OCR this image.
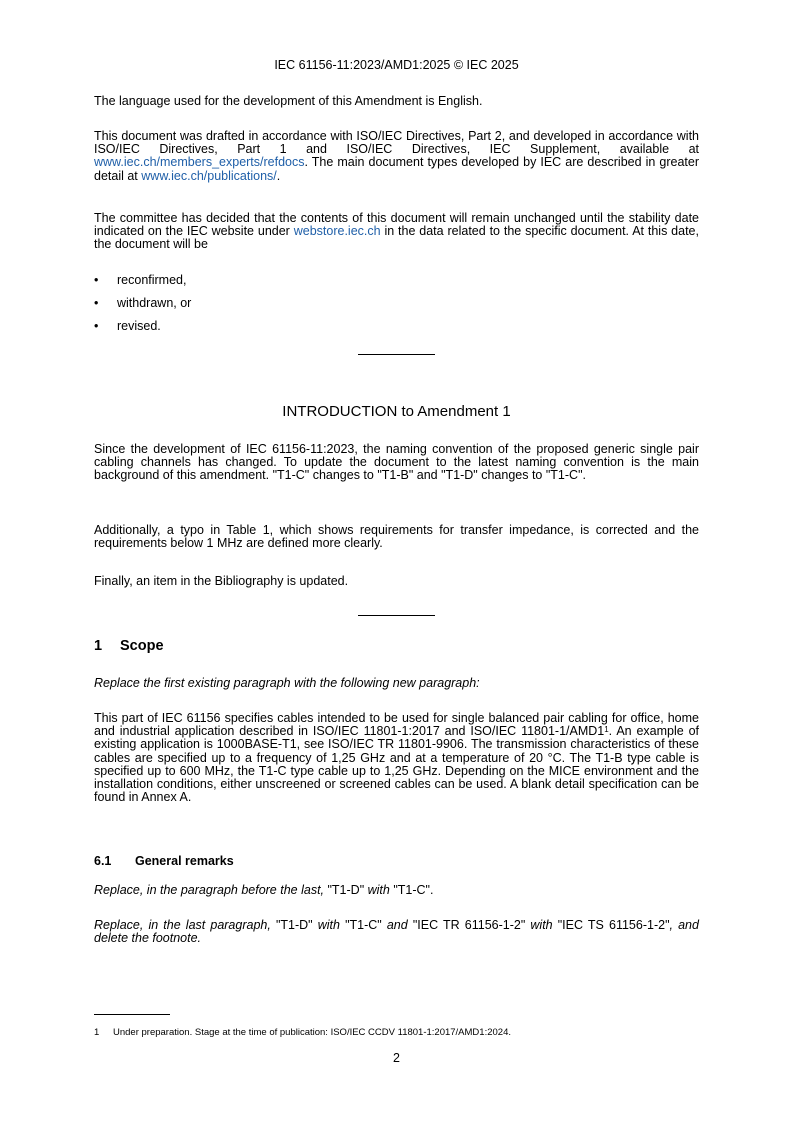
IEC 61156-11:2023/AMD1:2025 © IEC 2025

The language used for the development of this Amendment is English.

This document was drafted in accordance with ISO/IEC Directives, Part 2, and developed in accordance with ISO/IEC Directives, Part 1 and ISO/IEC Directives, IEC Supplement, available at www.iec.ch/members_experts/refdocs. The main document types developed by IEC are described in greater detail at www.iec.ch/publications/.

The committee has decided that the contents of this document will remain unchanged until the stability date indicated on the IEC website under webstore.iec.ch in the data related to the specific document. At this date, the document will be

• reconfirmed,
• withdrawn, or
• revised.
INTRODUCTION to Amendment 1

Since the development of IEC 61156-11:2023, the naming convention of the proposed generic single pair cabling channels has changed. To update the document to the latest naming convention is the main background of this amendment. "T1-C" changes to "T1-B" and "T1-D" changes to "T1-C".

Additionally, a typo in Table 1, which shows requirements for transfer impedance, is corrected and the requirements below 1 MHz are defined more clearly.

Finally, an item in the Bibliography is updated.

1 Scope

Replace the first existing paragraph with the following new paragraph:

This part of IEC 61156 specifies cables intended to be used for single balanced pair cabling for office, home and industrial application described in ISO/IEC 11801-1:2017 and ISO/IEC $11801-1/AMD1^1$. An example of existing application is 1000BASE-T1, see ISO/IEC TR 11801-9906. The transmission characteristics of these cables are specified up to a frequency of 1,25 GHz and at a temperature of 20 °C. The T1-B type cable is specified up to 600 MHz, the T1-C type cable up to 1,25 GHz. Depending on the MICE environment and the installation conditions, either unscreened or screened cables can be used. A blank detail specification can be found in Annex A.

6.1 General remarks

Replace, in the paragraph before the last, "T1-D" with "T1-C".

Replace, in the last paragraph, "T1-D" with "T1-C" and "IEC TR 61156-1-2" with "IEC TS 61156-1-2", and delete the footnote.

1 Under preparation. Stage at the time of publication: ISO/IEC CCDV 11801-1:2017/AMD1:2024.
2
